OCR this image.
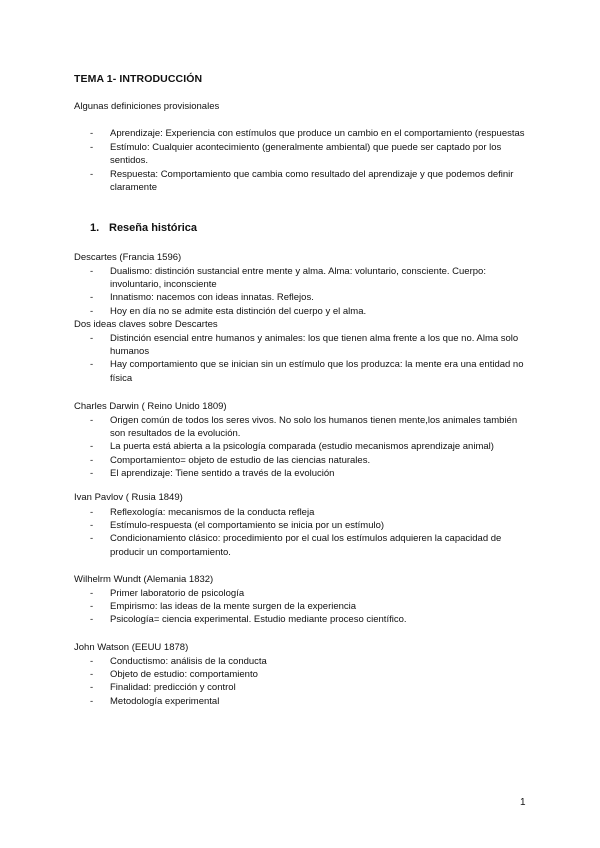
TEMA 1- INTRODUCCIÓN
Algunas definiciones provisionales
-	Aprendizaje: Experiencia con estímulos que produce un cambio en el comportamiento (respuestas
-	Estímulo: Cualquier acontecimiento (generalmente ambiental) que puede ser captado por los sentidos.
-	Respuesta: Comportamiento que cambia como resultado del aprendizaje y que podemos definir claramente
1. Reseña histórica
Descartes (Francia 1596)
-	Dualismo: distinción sustancial entre mente y alma. Alma: voluntario, consciente. Cuerpo: involuntario, inconsciente
-	Innatismo: nacemos con ideas innatas. Reflejos.
-	Hoy en día no se admite esta distinción del cuerpo y el alma.
Dos ideas claves sobre Descartes
-	Distinción esencial entre humanos y animales: los que tienen alma frente a los que no. Alma solo humanos
-	Hay comportamiento que se inician sin un estímulo que los produzca: la mente era una entidad no física
Charles Darwin ( Reino Unido 1809)
-	Origen común de todos los seres vivos. No solo los humanos tienen mente,los animales también son resultados de la evolución.
-	La puerta está abierta a la psicología comparada (estudio mecanismos aprendizaje animal)
-	Comportamiento= objeto de estudio de las ciencias naturales.
-	El aprendizaje: Tiene sentido a través de la evolución
Ivan Pavlov ( Rusia 1849)
-	Reflexología: mecanismos de la conducta refleja
-	Estímulo-respuesta (el comportamiento se inicia por un estímulo)
-	Condicionamiento clásico: procedimiento por el cual los estímulos adquieren la capacidad de producir un comportamiento.
Wilhelrm Wundt (Alemania 1832)
-	Primer laboratorio de psicología
-	Empirismo: las ideas de la mente surgen de la experiencia
-	Psicología= ciencia experimental. Estudio mediante proceso científico.
John Watson (EEUU 1878)
-	Conductismo: análisis de la conducta
-	Objeto de estudio: comportamiento
-	Finalidad: predicción y control
-	Metodología experimental
1
